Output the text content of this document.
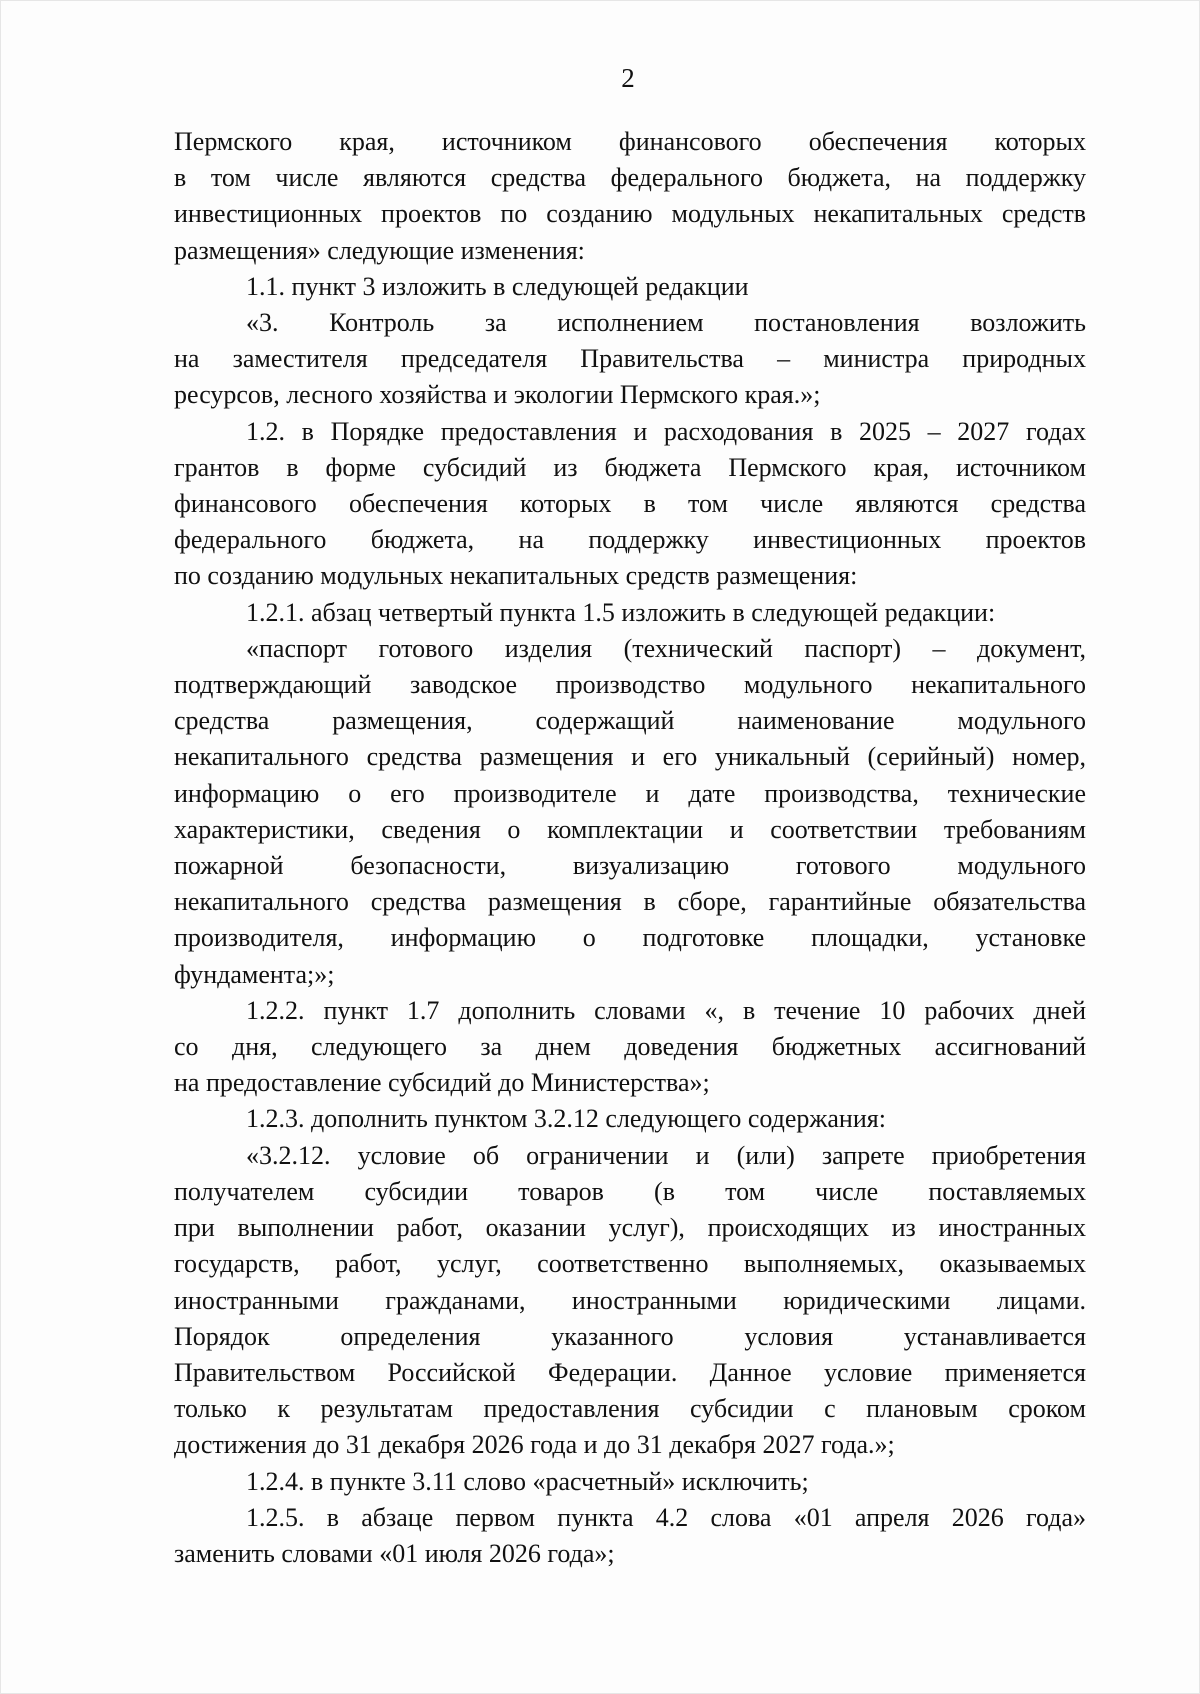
2

Пермского края, источником финансового обеспечения которых
в том числе являются средства федерального бюджета, на поддержку
инвестиционных проектов по созданию модульных некапитальных средств
размещения» следующие изменения:

1.1. пункт 3 изложить в следующей редакции

«3. Контроль за исполнением постановления возложить
на заместителя председателя Правительства – министра природных
ресурсов, лесного хозяйства и экологии Пермского края.»;

1.2. в Порядке предоставления и расходования в 2025 – 2027 годах
грантов в форме субсидий из бюджета Пермского края, источником
финансового обеспечения которых в том числе являются средства
федерального бюджета, на поддержку инвестиционных проектов
по созданию модульных некапитальных средств размещения:

1.2.1. абзац четвертый пункта 1.5 изложить в следующей редакции:

«паспорт готового изделия (технический паспорт) – документ,
подтверждающий заводское производство модульного некапитального
средства размещения, содержащий наименование модульного
некапитального средства размещения и его уникальный (серийный) номер,
информацию о его производителе и дате производства, технические
характеристики, сведения о комплектации и соответствии требованиям
пожарной безопасности, визуализацию готового модульного
некапитального средства размещения в сборе, гарантийные обязательства
производителя, информацию о подготовке площадки, установке
фундамента;»;

1.2.2. пункт 1.7 дополнить словами «, в течение 10 рабочих дней
со дня, следующего за днем доведения бюджетных ассигнований
на предоставление субсидий до Министерства»;

1.2.3. дополнить пунктом 3.2.12 следующего содержания:

«3.2.12. условие об ограничении и (или) запрете приобретения
получателем субсидии товаров (в том числе поставляемых
при выполнении работ, оказании услуг), происходящих из иностранных
государств, работ, услуг, соответственно выполняемых, оказываемых
иностранными гражданами, иностранными юридическими лицами.
Порядок определения указанного условия устанавливается
Правительством Российской Федерации. Данное условие применяется
только к результатам предоставления субсидии с плановым сроком
достижения до 31 декабря 2026 года и до 31 декабря 2027 года.»;

1.2.4. в пункте 3.11 слово «расчетный» исключить;

1.2.5. в абзаце первом пункта 4.2 слова «01 апреля 2026 года»
заменить словами «01 июля 2026 года»;
